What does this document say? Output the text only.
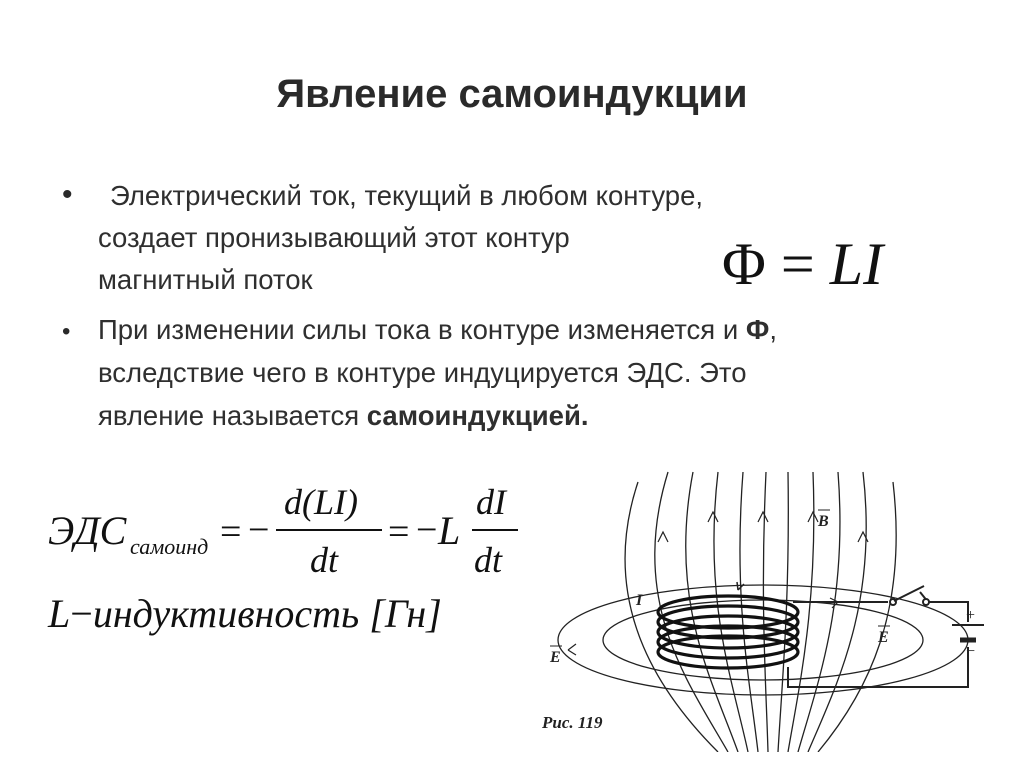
Явление самоиндукции
• Электрический ток, текущий в любом контуре,
создает пронизывающий этот контур
магнитный поток	Φ = LI
• При изменении силы тока в контуре изменяется и Ф,
вследствие чего в контуре индуцируется ЭДС. Это
явление называется самоиндукцией.
ЭДС самоинд = −
d(LI)
dt
= − L
dI
dt
L−индуктивность [Гн]
B
I
E
E
+
−
Рис. 119
